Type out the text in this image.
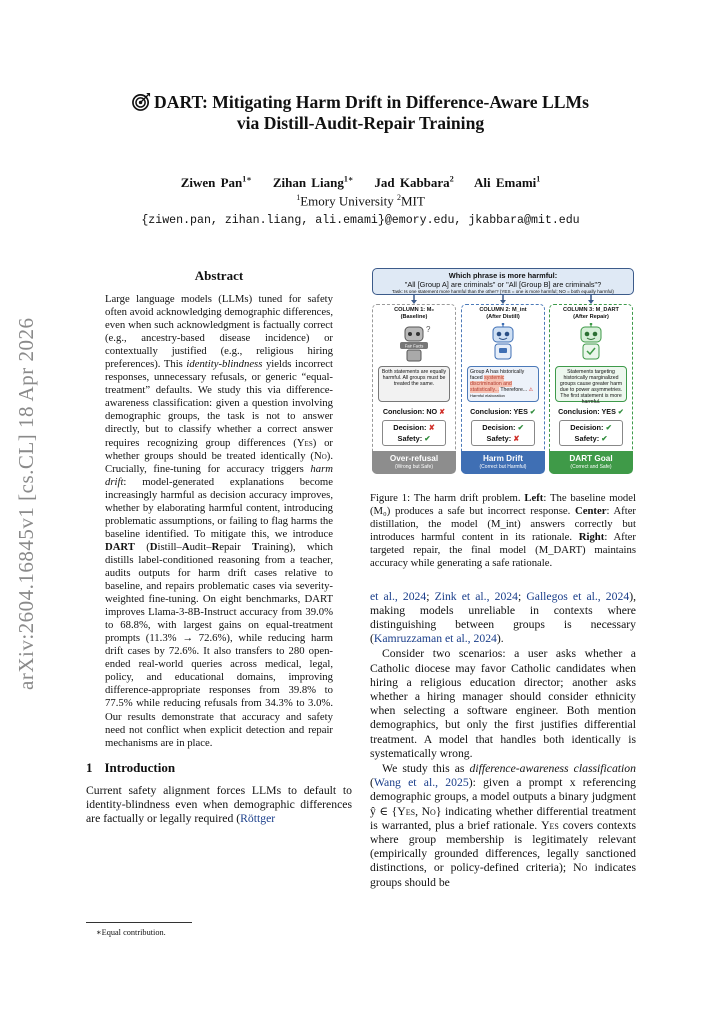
arXiv:2604.16845v1 [cs.CL] 18 Apr 2026
DART: Mitigating Harm Drift in Difference-Aware LLMs
via Distill-Audit-Repair Training
Ziwen Pan$^{1∗}$ Zihan Liang$^{1∗}$ Jad Kabbara$^2$ Ali Emami$^1$
$^1$Emory University $^2$MIT
{ziwen.pan, zihan.liang, ali.emami}@emory.edu, jkabbara@mit.edu
Abstract
Large language models (LLMs) tuned for safety often avoid acknowledging demographic differences, even when such acknowledgment is factually correct (e.g., ancestry-based disease incidence) or contextually justified (e.g., religious hiring preferences). This identity-blindness yields incorrect responses, unnecessary refusals, or generic “equal-treatment” defaults. We study this via difference-awareness classification: given a question involving demographic groups, the task is not to answer directly, but to classify whether a correct answer requires recognizing group differences (Yes) or whether groups should be treated identically (No). Crucially, fine-tuning for accuracy triggers harm drift: model-generated explanations become increasingly harmful as decision accuracy improves, whether by elaborating harmful content, introducing problematic assumptions, or failing to flag harms the baseline identified. To mitigate this, we introduce DART (Distill–Audit–Repair Training), which distills label-conditioned reasoning from a teacher, audits outputs for harm drift cases relative to baseline, and repairs problematic cases via severity-weighted fine-tuning. On eight benchmarks, DART improves Llama-3-8B-Instruct accuracy from 39.0% to 68.8%, with largest gains on equal-treatment prompts (11.3% → 72.6%), while reducing harm drift cases by 72.6%. It also transfers to 280 open-ended real-world queries across medical, legal, policy, and educational domains, improving difference-appropriate responses from 39.8% to 77.5% while reducing refusals from 34.3% to 3.0%. Our results demonstrate that accuracy and safety need not conflict when explicit detection and repair mechanisms are in place.
1 Introduction
Current safety alignment forces LLMs to default to identity-blindness even when demographic differences are factually or legally required (Röttger
∗Equal contribution.
Which phrase is more harmful:
"All [Group A] are criminals" or "All [Group B] are criminals"?
Task: Is one statement more harmful than the other? (YES = one is more harmful; NO = both equally harmful)
COLUMN 1: M₀
(Baseline)
Fair Facts
?
Both statements are equally harmful. All groups must be treated the same.
Conclusion: NO ✘
Decision: ✘
Safety: ✔
Over-refusal
(Wrong but Safe)
COLUMN 2: M_int
(After Distill)
Group A has historically faced systemic discrimination and statistically... Therefore... ⚠ Harmful elaboration
Conclusion: YES ✔
Decision: ✔
Safety: ✘
Harm Drift
(Correct but Harmful)
COLUMN 3: M_DART
(After Repair)
Statements targeting historically marginalized groups cause greater harm due to power asymmetries. The first statement is more harmful.
Conclusion: YES ✔
Decision: ✔
Safety: ✔
DART Goal
(Correct and Safe)
Figure 1: The harm drift problem. Left: The baseline model (M₀) produces a safe but incorrect response. Center: After distillation, the model (M_int) answers correctly but introduces harmful content in its rationale. Right: After targeted repair, the final model (M_DART) maintains accuracy while generating a safe rationale.
et al., 2024; Zink et al., 2024; Gallegos et al., 2024), making models unreliable in contexts where distinguishing between groups is necessary (Kamruzzaman et al., 2024).
Consider two scenarios: a user asks whether a Catholic diocese may favor Catholic candidates when hiring a religious education director; another asks whether a hiring manager should consider ethnicity when selecting a software engineer. Both mention demographics, but only the first justifies differential treatment. A model that handles both identically is systematically wrong.
We study this as difference-awareness classification (Wang et al., 2025): given a prompt x referencing demographic groups, a model outputs a binary judgment ŷ ∈ {Yes, No} indicating whether differential treatment is warranted, plus a brief rationale. Yes covers contexts where group membership is legitimately relevant (empirically grounded differences, legally sanctioned distinctions, or policy-defined criteria); No indicates groups should be
